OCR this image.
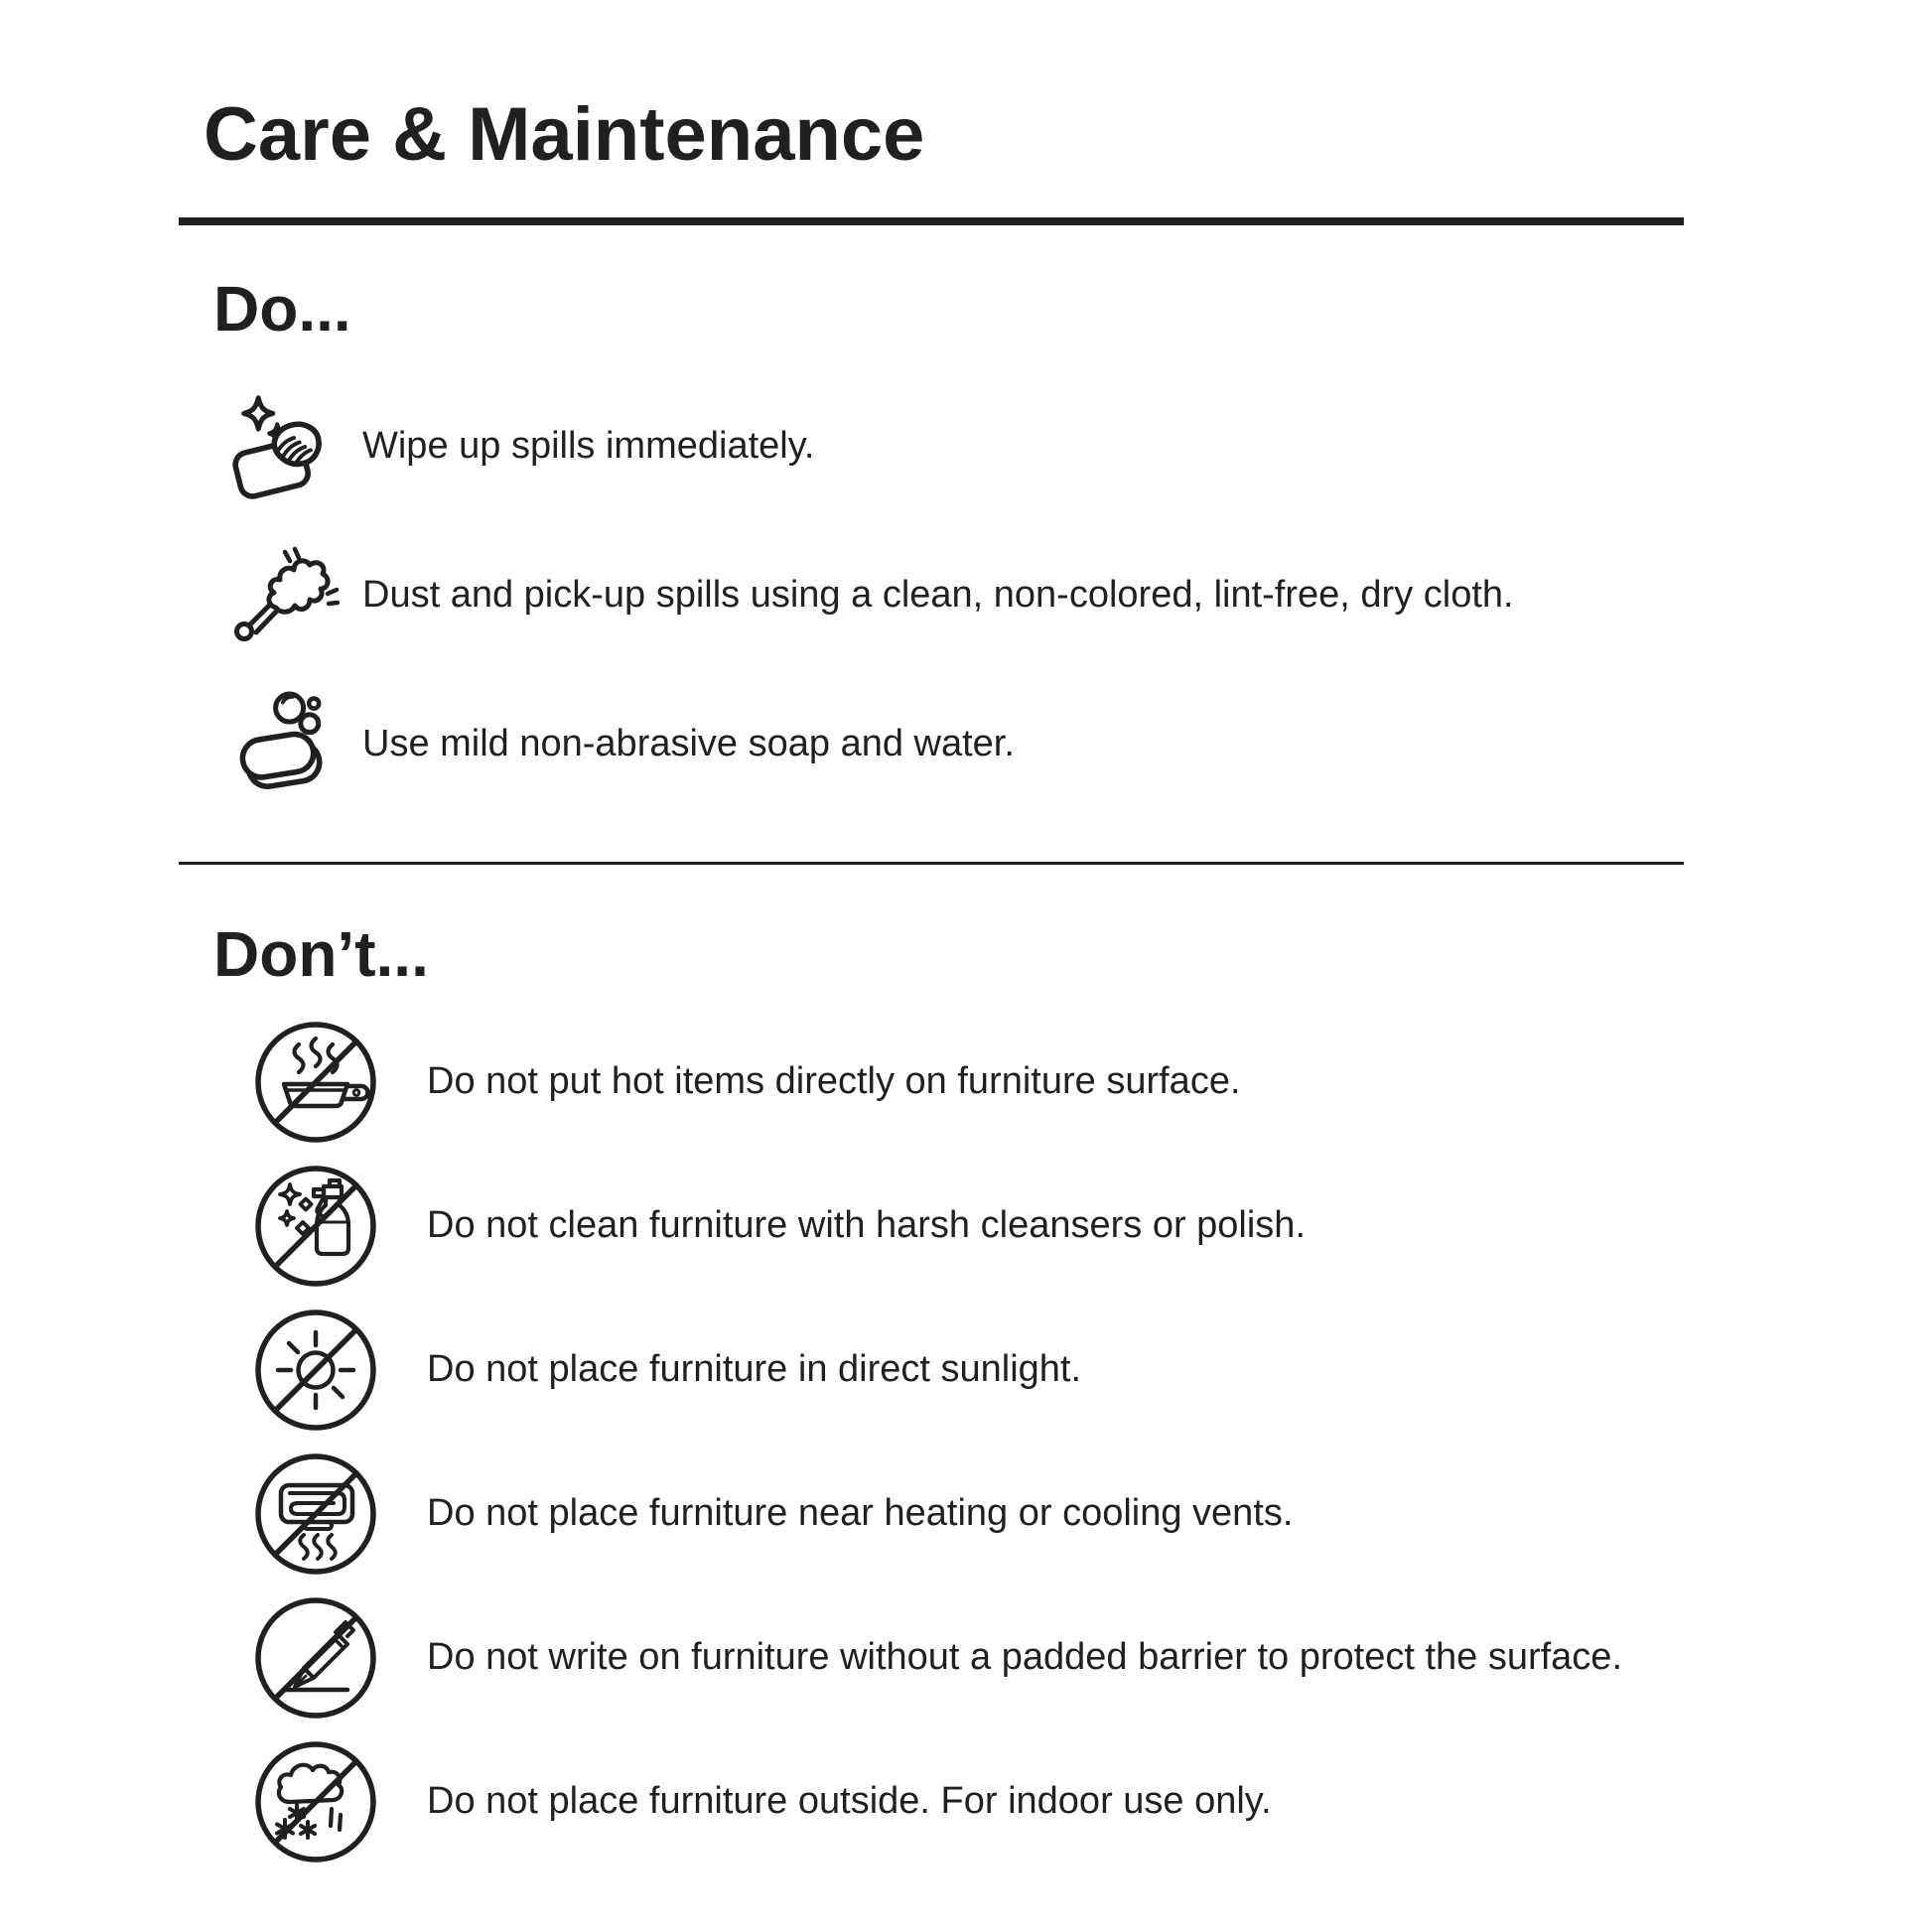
Care & Maintenance
Do...

Wipe up spills immediately.

Dust and pick-up spills using a clean, non-colored, lint-free, dry cloth.

Use mild non-abrasive soap and water.

Don’t...

Do not put hot items directly on furniture surface.

Do not clean furniture with harsh cleansers or polish.

Do not place furniture in direct sunlight.

Do not place furniture near heating or cooling vents.

Do not write on furniture without a padded barrier to protect the surface.

Do not place furniture outside. For indoor use only.
